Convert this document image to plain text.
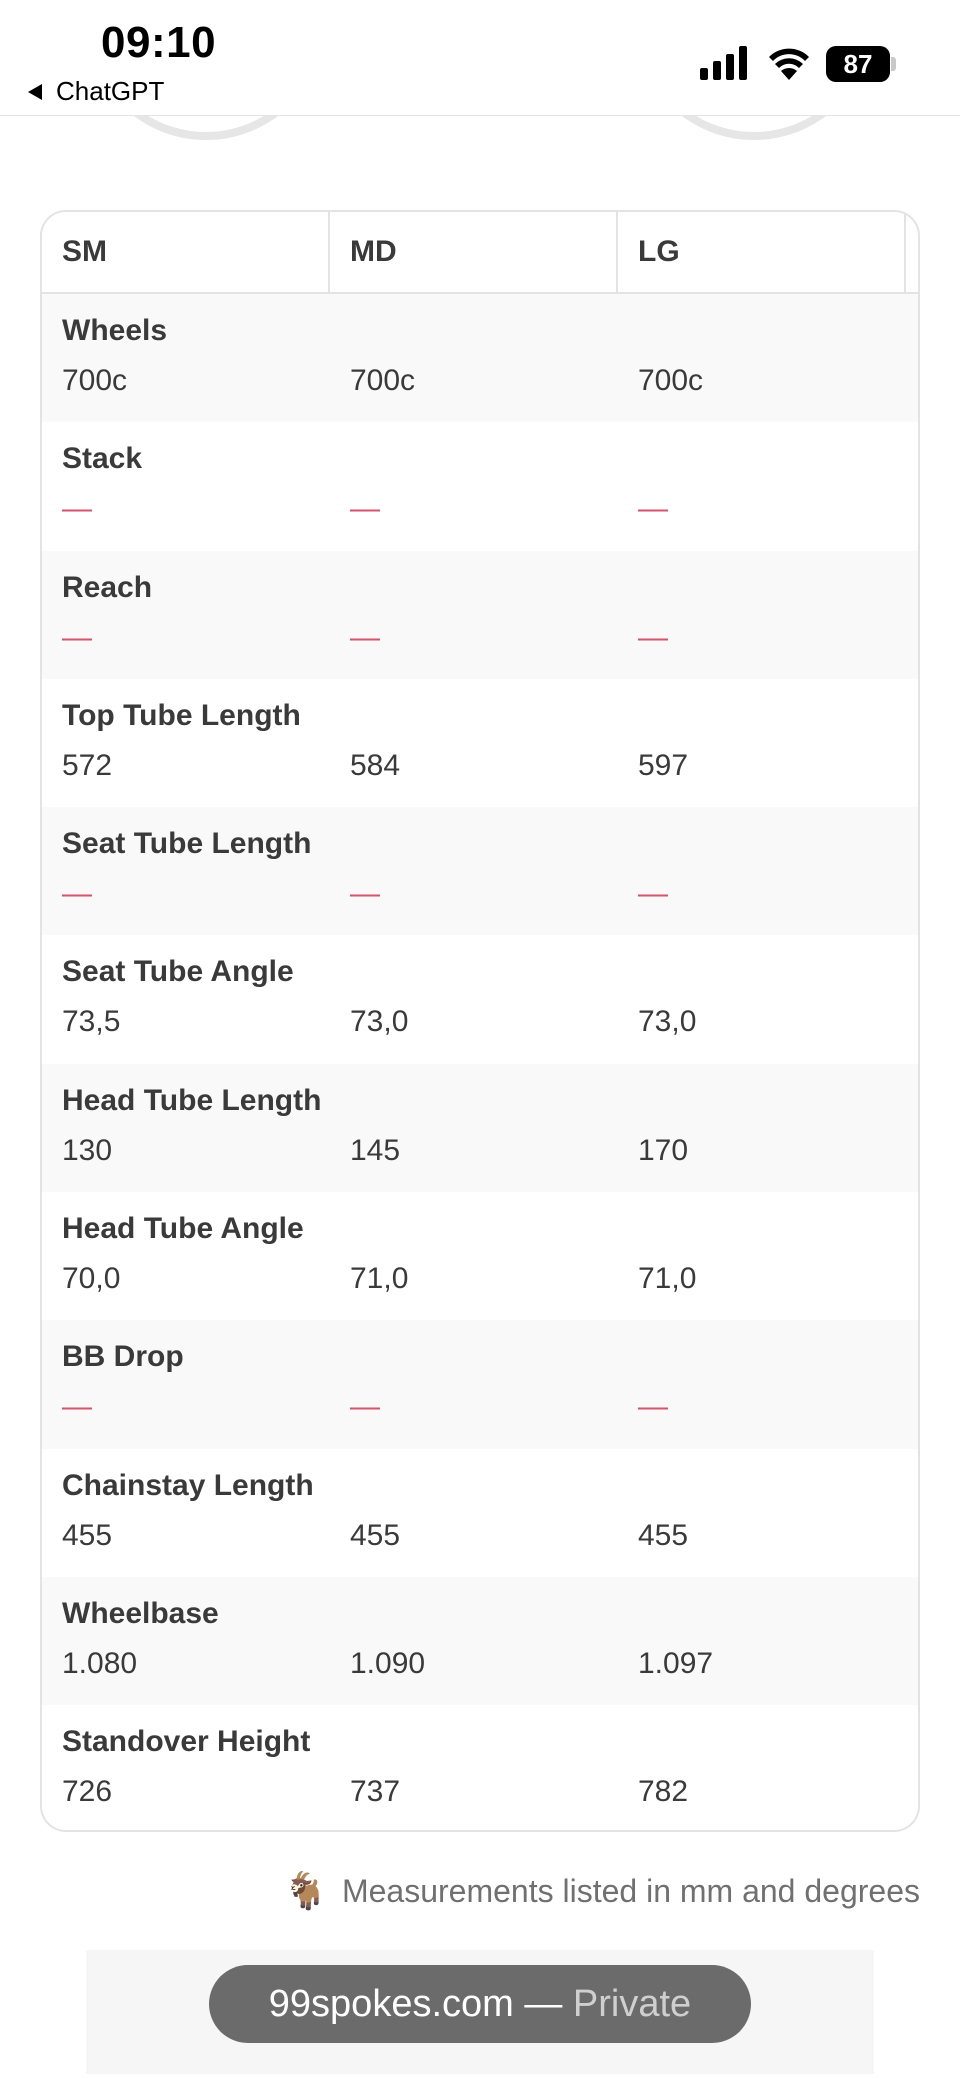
09:10
ChatGPT
87
SM	MD	LG
Wheels
700c	700c	700c
Stack
—	—	—
Reach
—	—	—
Top Tube Length
572	584	597
Seat Tube Length
—	—	—
Seat Tube Angle
73,5	73,0	73,0
Head Tube Length
130	145	170
Head Tube Angle
70,0	71,0	71,0
BB Drop
—	—	—
Chainstay Length
455	455	455
Wheelbase
1.080	1.090	1.097
Standover Height
726	737	782
🐐 Measurements listed in mm and degrees
99spokes.com — Private
